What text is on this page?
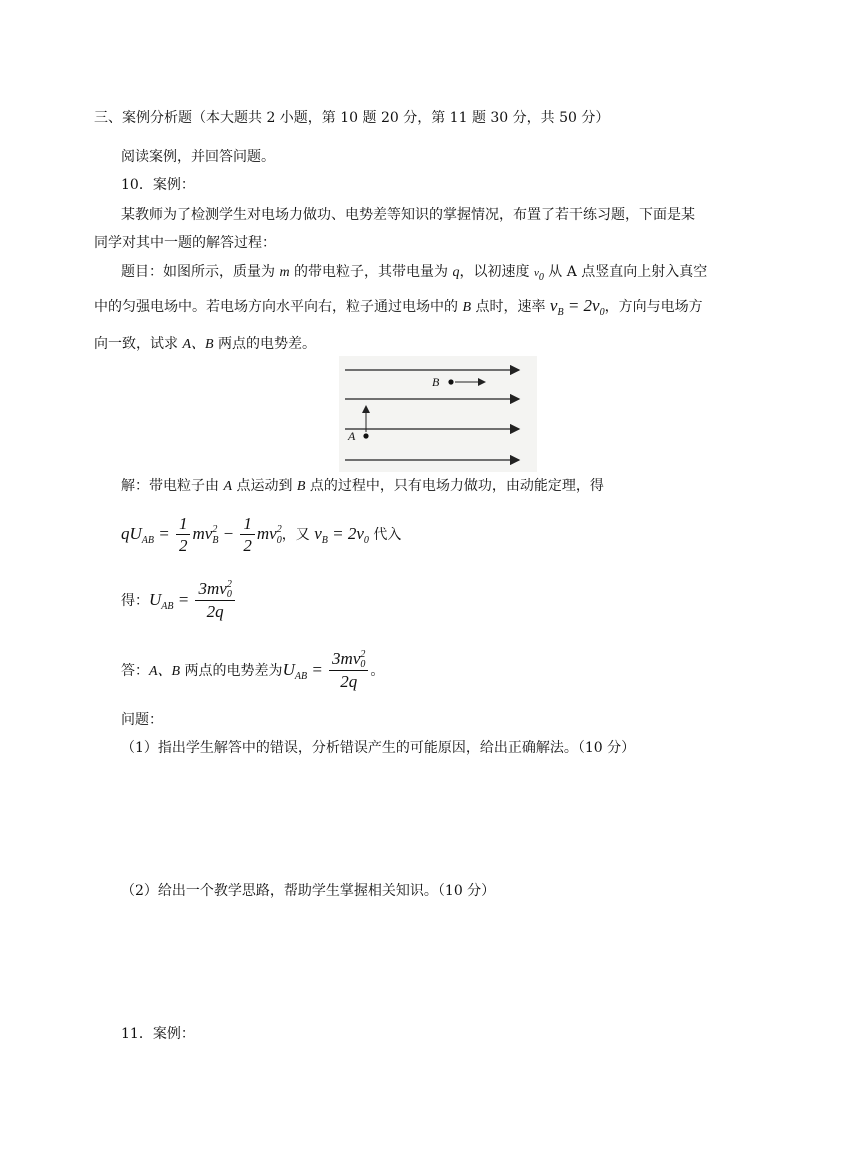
三、案例分析题（本大题共 2 小题，第 10 题 20 分，第 11 题 30 分，共 50 分）
阅读案例，并回答问题。
10．案例：
某教师为了检测学生对电场力做功、电势差等知识的掌握情况，布置了若干练习题，下面是某
同学对其中一题的解答过程：
题目：如图所示，质量为 m 的带电粒子，其带电量为 q，以初速度 $v_0$ 从 A 点竖直向上射入真空
中的匀强电场中。若电场方向水平向右，粒子通过电场中的 B 点时，速率 $v_B = 2v_0$，方向与电场方
向一致，试求 A、B 两点的电势差。
B
A
解：带电粒子由 A 点运动到 B 点的过程中，只有电场力做功，由动能定理，得
$qU_{AB} = \frac{1}{2}$ mv 2
$B - \frac{1}{2}$ mv 2
0 ，又 $v_B = 2v_0$ 代入
得：$U_{AB} = 3mv$ 2
0
2q
答：A、B 两点的电势差为$U_{AB} = 3mv$ 2
0
2q 。
问题：
（1）指出学生解答中的错误，分析错误产生的可能原因，给出正确解法。（10 分）
（2）给出一个教学思路，帮助学生掌握相关知识。（10 分）
11．案例：
